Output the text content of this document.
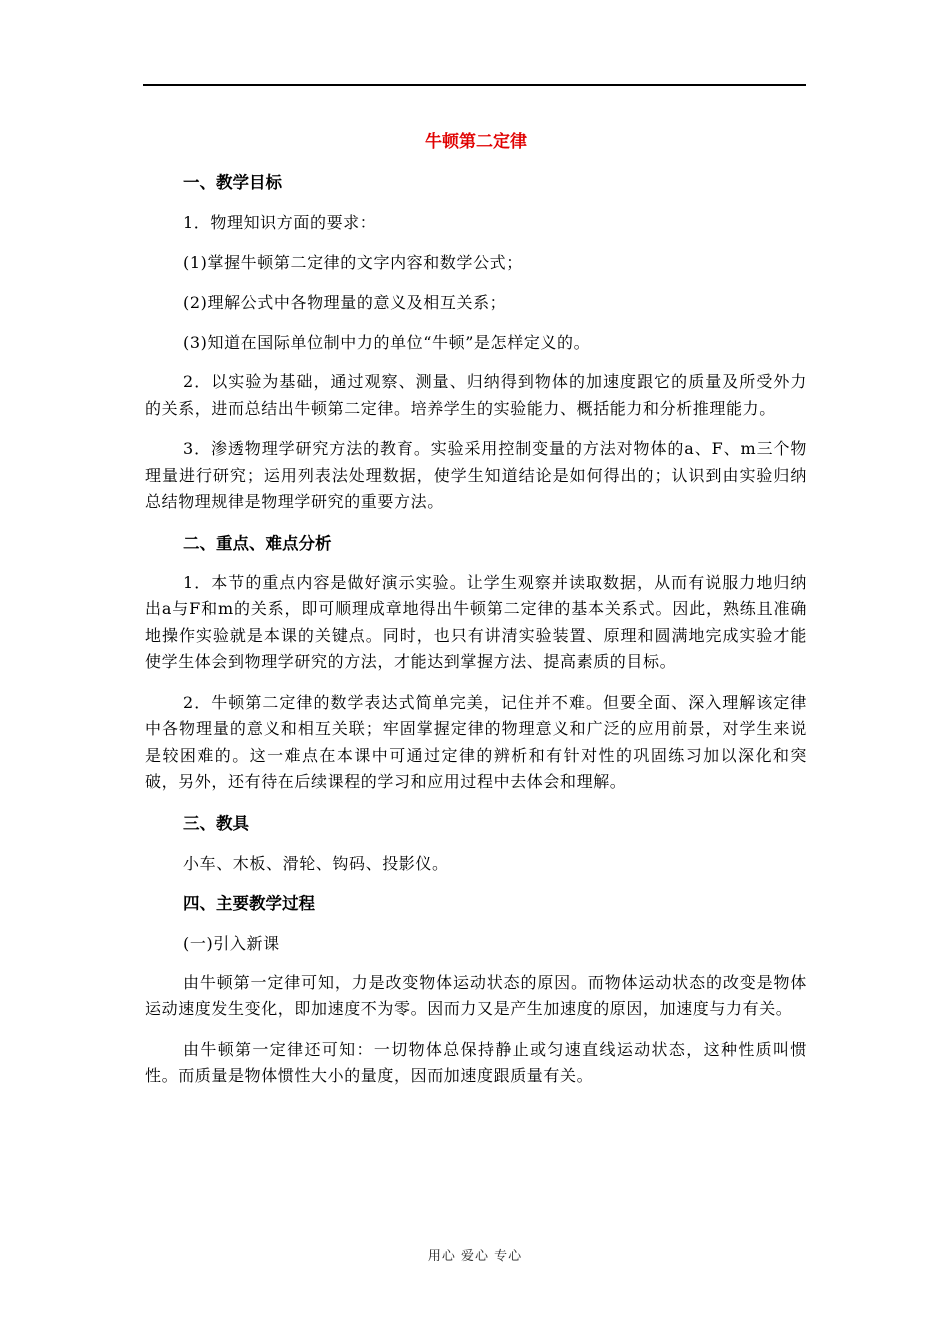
牛顿第二定律
一、教学目标

1．物理知识方面的要求：

(1)掌握牛顿第二定律的文字内容和数学公式；

(2)理解公式中各物理量的意义及相互关系；

(3)知道在国际单位制中力的单位“牛顿”是怎样定义的。

2．以实验为基础，通过观察、测量、归纳得到物体的加速度跟它的质量及所受外力的关系，进而总结出牛顿第二定律。培养学生的实验能力、概括能力和分析推理能力。

3．渗透物理学研究方法的教育。实验采用控制变量的方法对物体的a、F、m三个物理量进行研究；运用列表法处理数据，使学生知道结论是如何得出的；认识到由实验归纳总结物理规律是物理学研究的重要方法。

二、重点、难点分析

1．本节的重点内容是做好演示实验。让学生观察并读取数据，从而有说服力地归纳出a与F和m的关系，即可顺理成章地得出牛顿第二定律的基本关系式。因此，熟练且准确地操作实验就是本课的关键点。同时，也只有讲清实验装置、原理和圆满地完成实验才能使学生体会到物理学研究的方法，才能达到掌握方法、提高素质的目标。

2．牛顿第二定律的数学表达式简单完美，记住并不难。但要全面、深入理解该定律中各物理量的意义和相互关联；牢固掌握定律的物理意义和广泛的应用前景，对学生来说是较困难的。这一难点在本课中可通过定律的辨析和有针对性的巩固练习加以深化和突破，另外，还有待在后续课程的学习和应用过程中去体会和理解。

三、教具

小车、木板、滑轮、钩码、投影仪。

四、主要教学过程

(一)引入新课

由牛顿第一定律可知，力是改变物体运动状态的原因。而物体运动状态的改变是物体运动速度发生变化，即加速度不为零。因而力又是产生加速度的原因，加速度与力有关。

由牛顿第一定律还可知：一切物体总保持静止或匀速直线运动状态，这种性质叫惯性。而质量是物体惯性大小的量度，因而加速度跟质量有关。

用心 爱心 专心
